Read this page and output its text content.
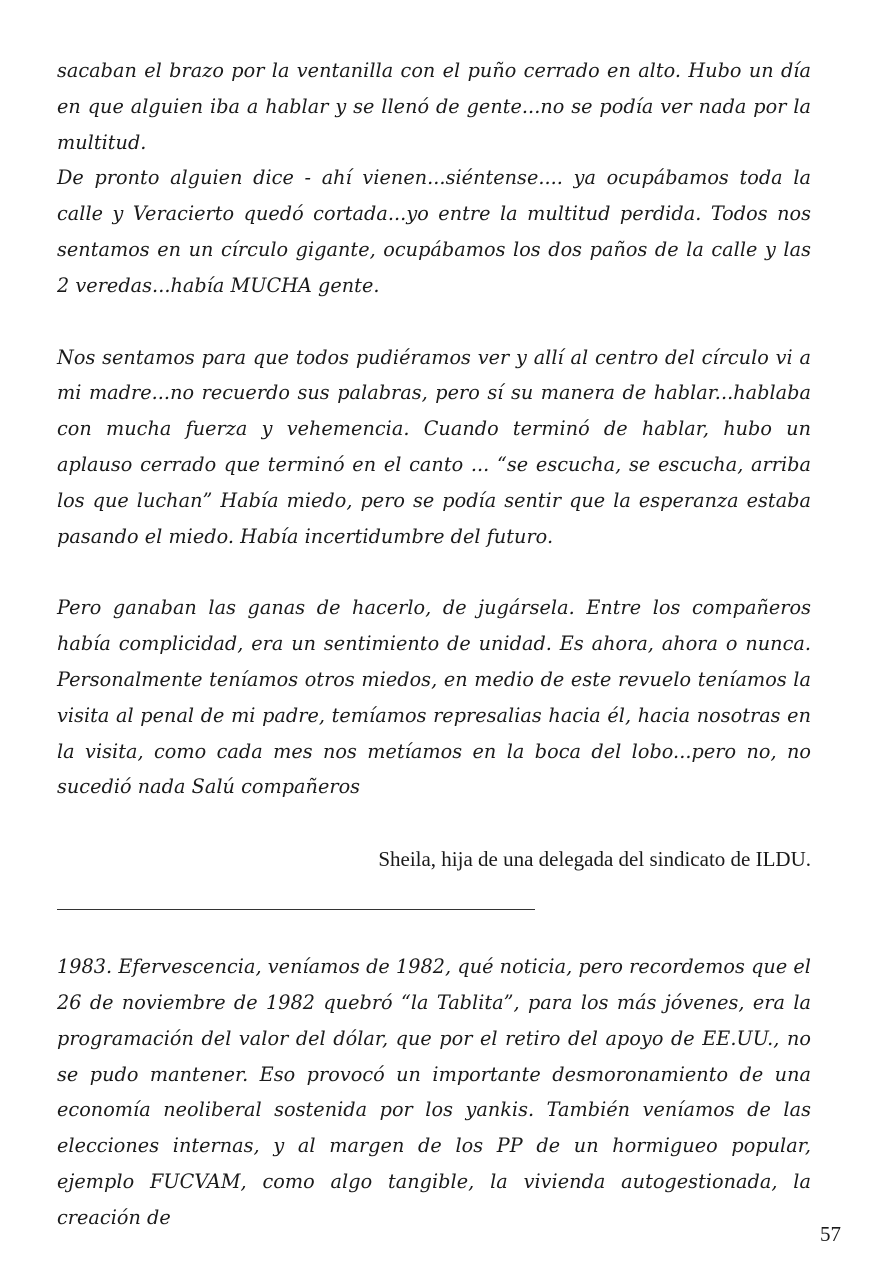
sacaban el brazo por la ventanilla con el puño cerrado en alto. Hubo un día en que alguien iba a hablar y se llenó de gente...no se podía ver nada por la multitud.

De pronto alguien dice - ahí vienen...siéntense.... ya ocupábamos toda la calle y Veracierto quedó cortada...yo entre la multitud perdida. Todos nos sentamos en un círculo gigante, ocupábamos los dos paños de la calle y las 2 veredas...había MUCHA gente.

Nos sentamos para que todos pudiéramos ver y allí al centro del círculo vi a mi madre...no recuerdo sus palabras, pero sí su manera de hablar...hablaba con mucha fuerza y vehemencia. Cuando terminó de hablar, hubo un aplauso cerrado que terminó en el canto ... “se escucha, se escucha, arriba los que luchan” Había miedo, pero se podía sentir que la esperanza estaba pasando el miedo. Había incertidumbre del futuro.

Pero ganaban las ganas de hacerlo, de jugársela. Entre los compañeros había complicidad, era un sentimiento de unidad. Es ahora, ahora o nunca. Personalmente teníamos otros miedos, en medio de este revuelo teníamos la visita al penal de mi padre, temíamos represalias hacia él, hacia nosotras en la visita, como cada mes nos metíamos en la boca del lobo...pero no, no sucedió nada Salú compañeros

Sheila, hija de una delegada del sindicato de ILDU.

1983. Efervescencia, veníamos de 1982, qué noticia, pero recordemos que el 26 de noviembre de 1982 quebró “la Tablita”, para los más jóvenes, era la programación del valor del dólar, que por el retiro del apoyo de EE.UU., no se pudo mantener. Eso provocó un importante desmoronamiento de una economía neoliberal sostenida por los yankis. También veníamos de las elecciones internas, y al margen de los PP de un hormigueo popular, ejemplo FUCVAM, como algo tangible, la vivienda autogestionada, la creación de

57
